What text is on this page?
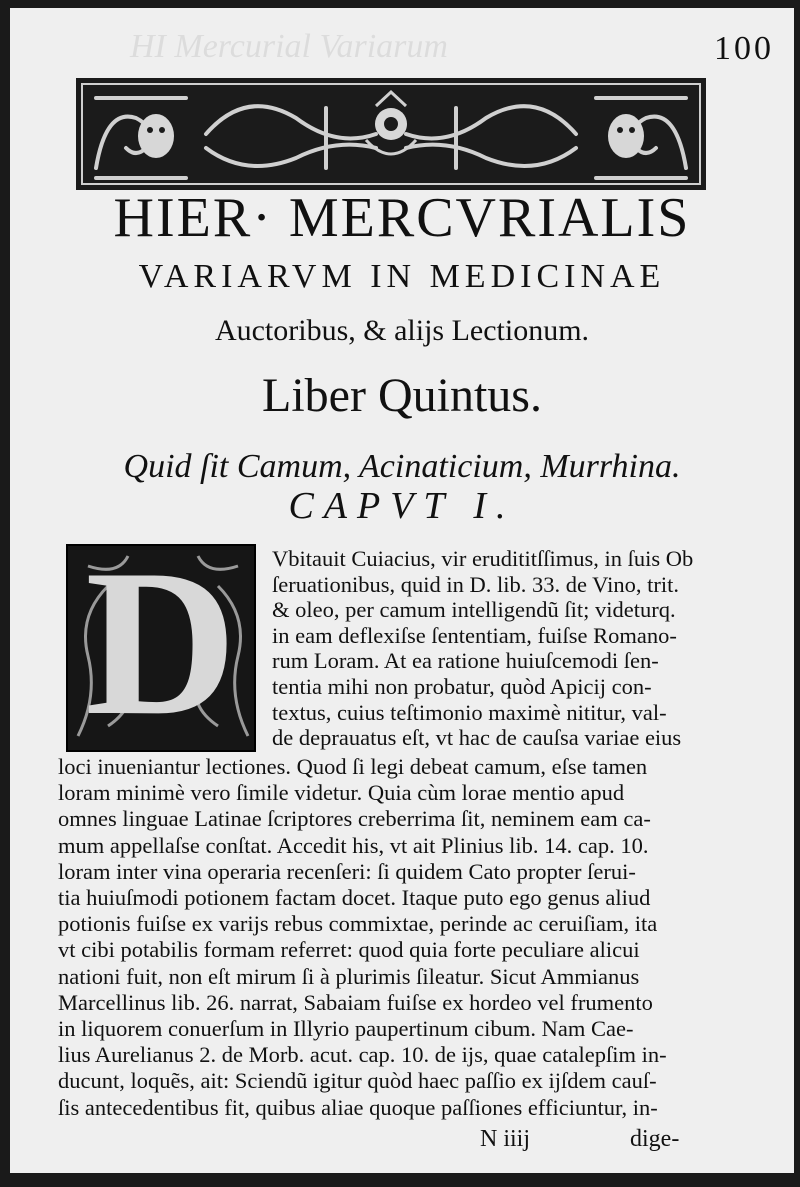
HI Mercurial Variarum	100
HIER· MERCVRIALIS
VARIARVM IN MEDICINAE
Auctoribus, & alijs Lectionum.
Liber Quintus.
Quid ſit Camum, Acinaticium, Murrhina.
CAPVT I.
D	Vbitauit Cuiacius, vir erudititſſimus, in ſuis Ob
ſeruationibus, quid in D. lib. 33. de Vino, trit.
& oleo, per camum intelligendũ ſit; videturq.
in eam deflexiſse ſententiam, fuiſse Romano-
rum Loram. At ea ratione huiuſcemodi ſen-
tentia mihi non probatur, quòd Apicij con-
textus, cuius teſtimonio maximè nititur, val-
de deprauatus eſt, vt hac de cauſsa variae eius
loci inueniantur lectiones. Quod ſi legi debeat camum, eſse tamen
loram minimè vero ſimile videtur. Quia cùm lorae mentio apud
omnes linguae Latinae ſcriptores creberrima ſit, neminem eam ca-
mum appellaſse conſtat. Accedit his, vt ait Plinius lib. 14. cap. 10.
loram inter vina operaria recenſeri: ſi quidem Cato propter ſerui-
tia huiuſmodi potionem factam docet. Itaque puto ego genus aliud
potionis fuiſse ex varijs rebus commixtae, perinde ac ceruiſiam, ita
vt cibi potabilis formam referret: quod quia forte peculiare alicui
nationi fuit, non eſt mirum ſi à plurimis ſileatur. Sicut Ammianus
Marcellinus lib. 26. narrat, Sabaiam fuiſse ex hordeo vel frumento
in liquorem conuerſum in Illyrio paupertinum cibum. Nam Cae-
lius Aurelianus 2. de Morb. acut. cap. 10. de ijs, quae catalepſim in-
ducunt, loquẽs, ait: Sciendũ igitur quòd haec paſſio ex ijſdem cauſ-
ſis antecedentibus fit, quibus aliae quoque paſſiones efficiuntur, in-
N iiij	dige-
